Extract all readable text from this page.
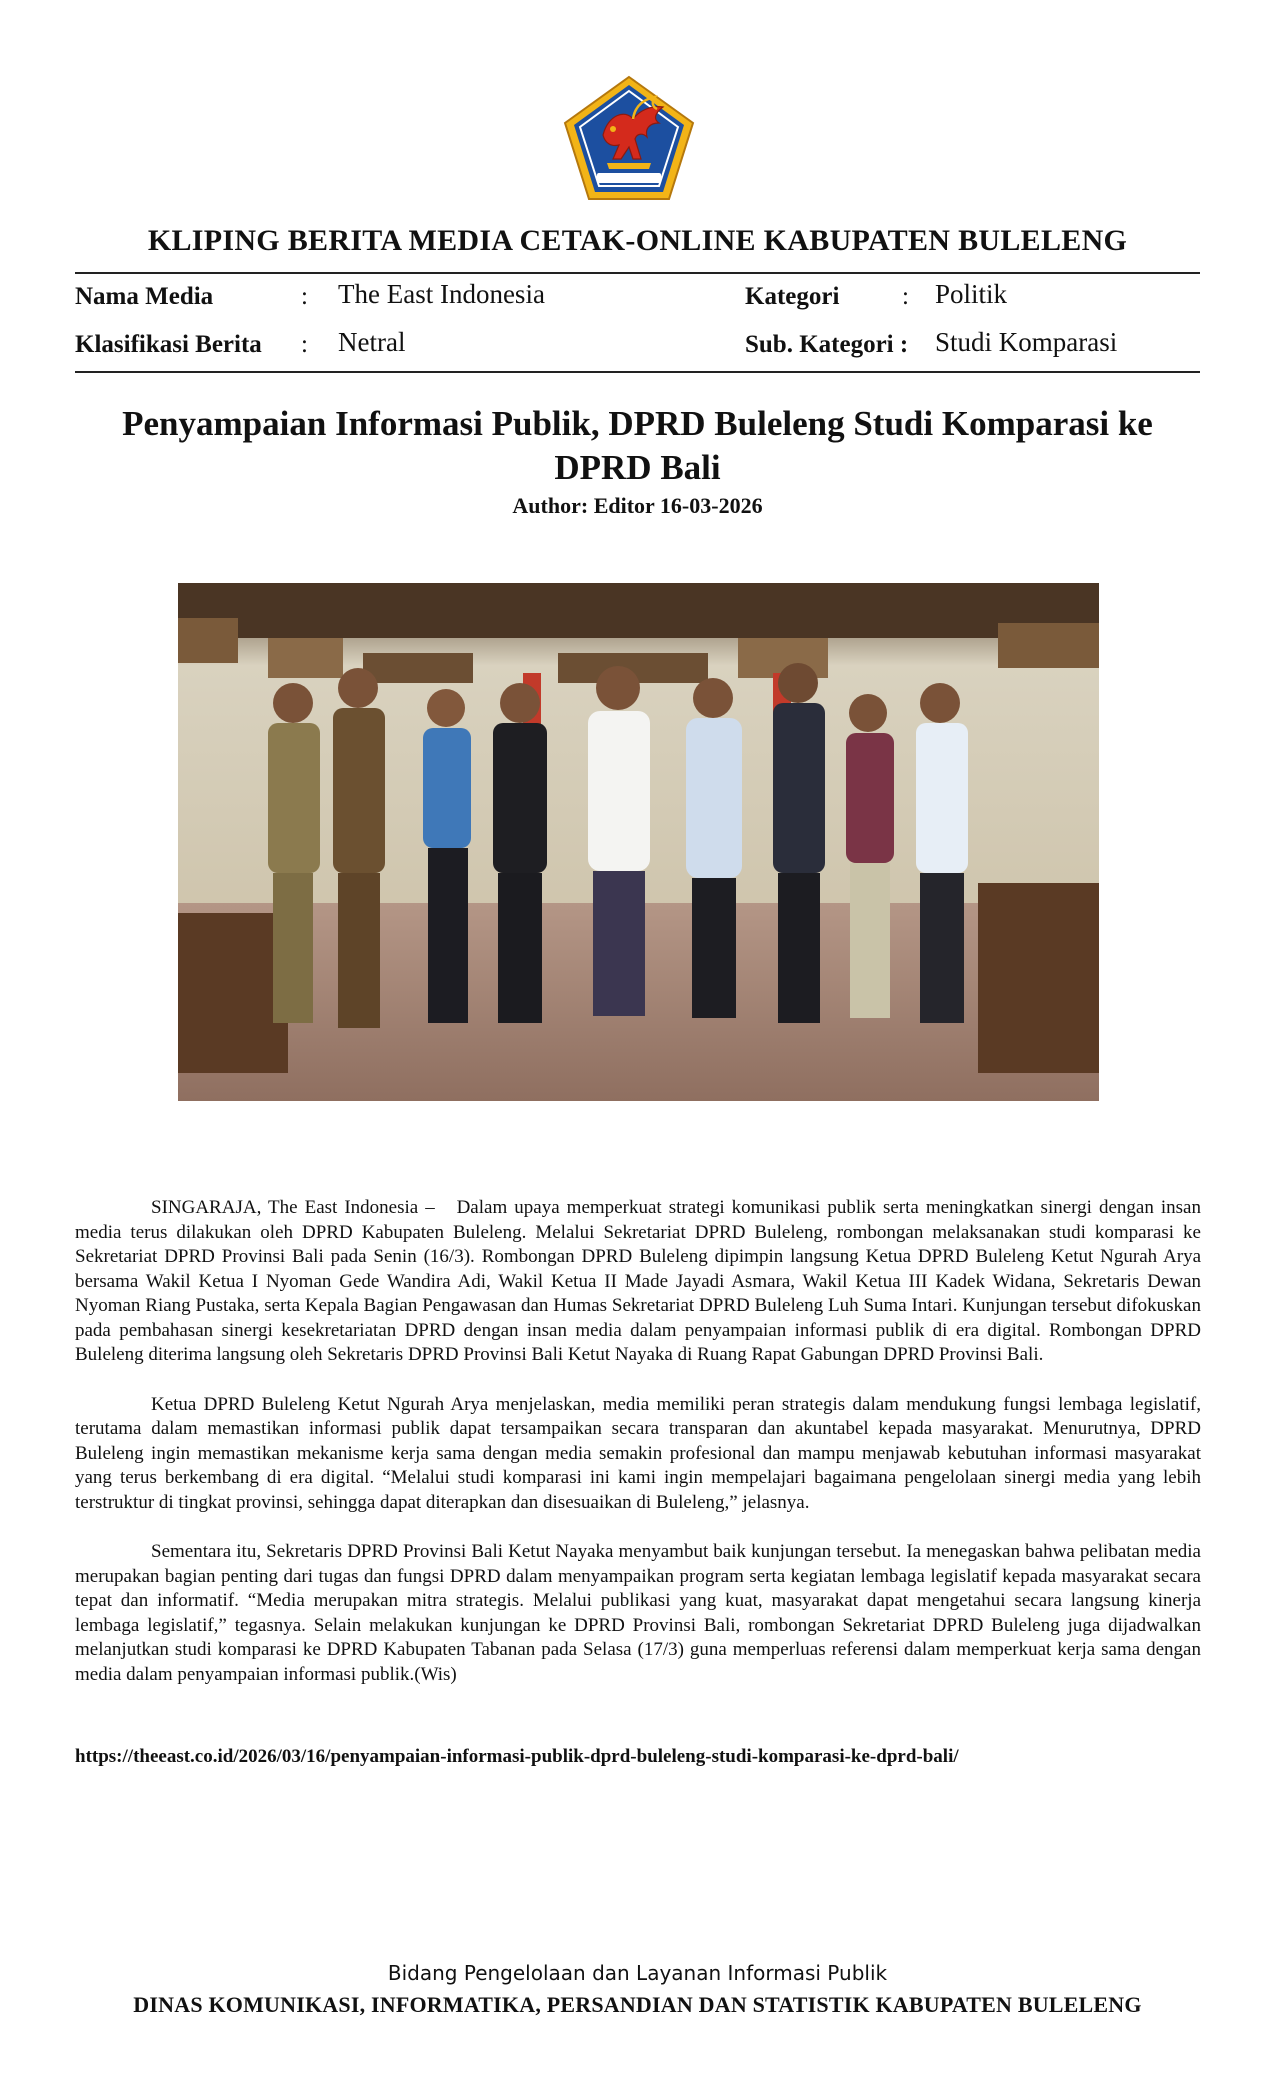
KLIPING BERITA MEDIA CETAK-ONLINE KABUPATEN BULELENG
Nama Media	: The East Indonesia
Klasifikasi Berita : Netral
Kategori	: Politik
Sub. Kategori : Studi Komparasi
Penyampaian Informasi Publik, DPRD Buleleng Studi Komparasi ke DPRD Bali
Author: Editor 16-03-2026

SINGARAJA, The East Indonesia –  Dalam upaya memperkuat strategi komunikasi publik serta meningkatkan sinergi dengan insan media terus dilakukan oleh DPRD Kabupaten Buleleng. Melalui Sekretariat DPRD Buleleng, rombongan melaksanakan studi komparasi ke Sekretariat DPRD Provinsi Bali pada Senin (16/3). Rombongan DPRD Buleleng dipimpin langsung Ketua DPRD Buleleng Ketut Ngurah Arya bersama Wakil Ketua I Nyoman Gede Wandira Adi, Wakil Ketua II Made Jayadi Asmara, Wakil Ketua III Kadek Widana, Sekretaris Dewan Nyoman Riang Pustaka, serta Kepala Bagian Pengawasan dan Humas Sekretariat DPRD Buleleng Luh Suma Intari. Kunjungan tersebut difokuskan pada pembahasan sinergi kesekretariatan DPRD dengan insan media dalam penyampaian informasi publik di era digital. Rombongan DPRD Buleleng diterima langsung oleh Sekretaris DPRD Provinsi Bali Ketut Nayaka di Ruang Rapat Gabungan DPRD Provinsi Bali.

Ketua DPRD Buleleng Ketut Ngurah Arya menjelaskan, media memiliki peran strategis dalam mendukung fungsi lembaga legislatif, terutama dalam memastikan informasi publik dapat tersampaikan secara transparan dan akuntabel kepada masyarakat. Menurutnya, DPRD Buleleng ingin memastikan mekanisme kerja sama dengan media semakin profesional dan mampu menjawab kebutuhan informasi masyarakat yang terus berkembang di era digital. “Melalui studi komparasi ini kami ingin mempelajari bagaimana pengelolaan sinergi media yang lebih terstruktur di tingkat provinsi, sehingga dapat diterapkan dan disesuaikan di Buleleng,” jelasnya.

Sementara itu, Sekretaris DPRD Provinsi Bali Ketut Nayaka menyambut baik kunjungan tersebut. Ia menegaskan bahwa pelibatan media merupakan bagian penting dari tugas dan fungsi DPRD dalam menyampaikan program serta kegiatan lembaga legislatif kepada masyarakat secara tepat dan informatif. “Media merupakan mitra strategis. Melalui publikasi yang kuat, masyarakat dapat mengetahui secara langsung kinerja lembaga legislatif,” tegasnya. Selain melakukan kunjungan ke DPRD Provinsi Bali, rombongan Sekretariat DPRD Buleleng juga dijadwalkan melanjutkan studi komparasi ke DPRD Kabupaten Tabanan pada Selasa (17/3) guna memperluas referensi dalam memperkuat kerja sama dengan media dalam penyampaian informasi publik.(Wis)

https://theeast.co.id/2026/03/16/penyampaian-informasi-publik-dprd-buleleng-studi-komparasi-ke-dprd-bali/
Bidang Pengelolaan dan Layanan Informasi Publik
DINAS KOMUNIKASI, INFORMATIKA, PERSANDIAN DAN STATISTIK KABUPATEN BULELENG
